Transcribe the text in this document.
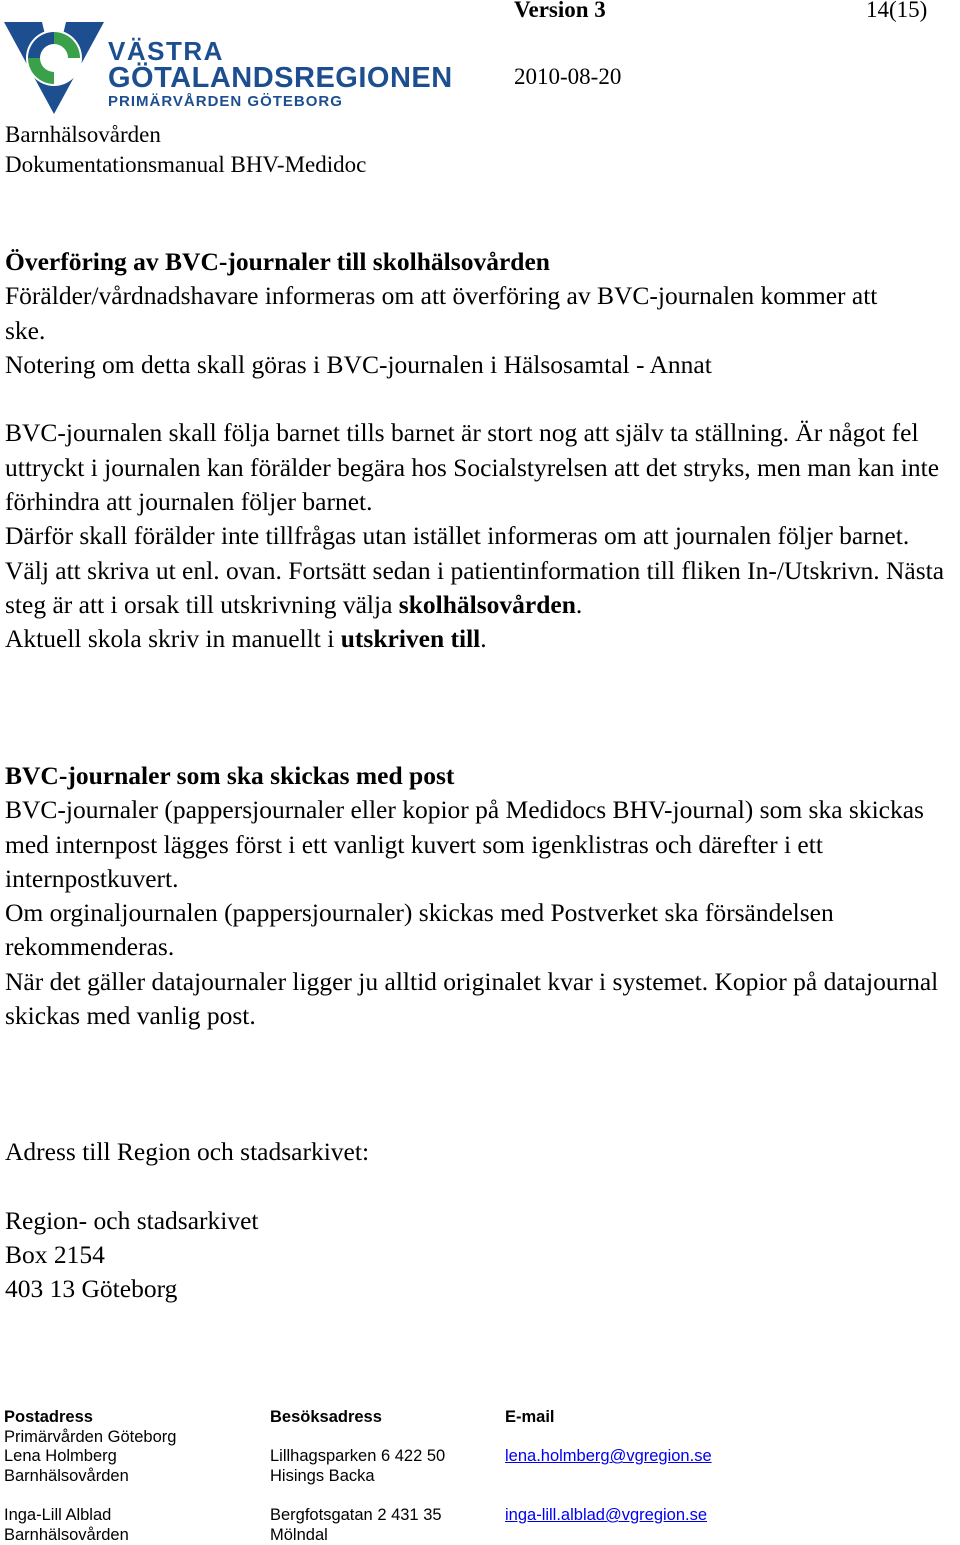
VÄSTRA
GÖTALANDSREGIONEN
PRIMÄRVÅRDEN GÖTEBORG
Version 3	14(15)
2010-08-20
Barnhälsovården
Dokumentationsmanual BHV-Medidoc

Överföring av BVC-journaler till skolhälsovården

Förälder/vårdnadshavare informeras om att överföring av BVC-journalen kommer att ske.

Notering om detta skall göras i BVC-journalen i Hälsosamtal - Annat

BVC-journalen skall följa barnet tills barnet är stort nog att själv ta ställning. Är något fel uttryckt i journalen kan förälder begära hos Socialstyrelsen att det stryks, men man kan inte förhindra att journalen följer barnet.

Därför skall förälder inte tillfrågas utan istället informeras om att journalen följer barnet.

Välj att skriva ut enl. ovan. Fortsätt sedan i patientinformation till fliken In-/Utskrivn. Nästa steg är att i orsak till utskrivning välja skolhälsovården.

Aktuell skola skriv in manuellt i utskriven till.

BVC-journaler som ska skickas med post

BVC-journaler (pappersjournaler eller kopior på Medidocs BHV-journal) som ska skickas med internpost lägges först i ett vanligt kuvert som igenklistras och därefter i ett internpostkuvert.

Om orginaljournalen (pappersjournaler) skickas med Postverket ska försändelsen rekommenderas.

När det gäller datajournaler ligger ju alltid originalet kvar i systemet. Kopior på datajournal skickas med vanlig post.

Adress till Region och stadsarkivet:

Region- och stadsarkivet

Box 2154

403 13 Göteborg

Postadress
Primärvården Göteborg
Lena Holmberg
Barnhälsovården

Inga-Lill Alblad
Barnhälsovården
Besöksadress

Lillhagsparken 6 422 50
Hisings Backa

Bergfotsgatan 2 431 35
Mölndal
E-mail

lena.holmberg@vgregion.se

inga-lill.alblad@vgregion.se
